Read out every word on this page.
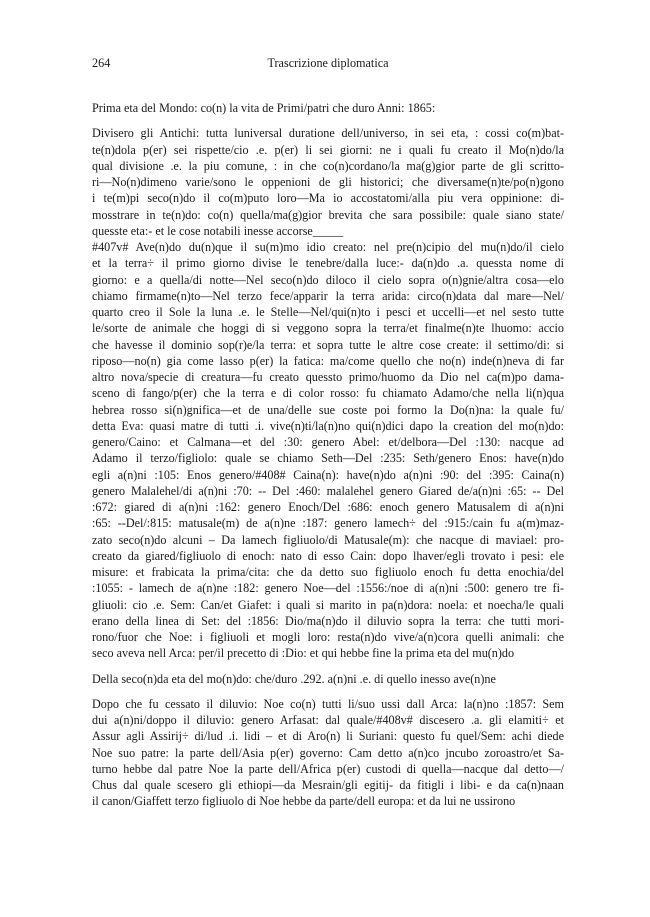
264	Trascrizione diplomatica

Prima eta del Mondo: co(n) la vita de Primi/patri che duro Anni: 1865:

Divisero gli Antichi: tutta luniversal duratione dell/universo, in sei eta, : cossi co(m)bat-
te(n)dola p(er) sei rispette/cio .e. p(er) li sei giorni: ne i quali fu creato il Mo(n)do/la
qual divisione .e. la piu comune, : in che co(n)cordano/la ma(g)gior parte de gli scritto-
ri—No(n)dimeno varie/sono le oppenioni de gli historici; che diversame(n)te/po(n)gono
i te(m)pi seco(n)do il co(m)puto loro—Ma io accostatomi/alla piu vera oppinione: di-
mosstrare in te(n)do: co(n) quella/ma(g)gior brevita che sara possibile: quale siano state/
quesste eta:- et le cose notabili inesse accorse_____

#407v# Ave(n)do du(n)que il su(m)mo idio creato: nel pre(n)cipio del mu(n)do/il cielo
et la terra÷ il primo giorno divise le tenebre/dalla luce:- da(n)do .a. quessta nome di
giorno: e a quella/di notte—Nel seco(n)do diloco il cielo sopra o(n)gnie/altra cosa—elo
chiamo firmame(n)to—Nel terzo fece/apparir la terra arida: circo(n)data dal mare—Nel/
quarto creo il Sole la luna .e. le Stelle—Nel/qui(n)to i pesci et uccelli—et nel sesto tutte
le/sorte de animale che hoggi di si veggono sopra la terra/et finalme(n)te lhuomo: accio
che havesse il dominio sop(r)e/la terra: et sopra tutte le altre cose create: il settimo/di: si
riposo—no(n) gia come lasso p(er) la fatica: ma/come quello che no(n) inde(n)neva di far
altro nova/specie di creatura—fu creato quessto primo/huomo da Dio nel ca(m)po dama-
sceno di fango/p(er) che la terra e di color rosso: fu chiamato Adamo/che nella li(n)qua
hebrea rosso si(n)gnifica—et de una/delle sue coste poi formo la Do(n)na: la quale fu/
detta Eva: quasi matre di tutti .i. vive(n)ti/la(n)no qui(n)dici dapo la creation del mo(n)do:
genero/Caino: et Calmana—et del :30: genero Abel: et/delbora—Del :130: nacque ad
Adamo il terzo/figliolo: quale se chiamo Seth—Del :235: Seth/genero Enos: have(n)do
egli a(n)ni :105: Enos genero/#408# Caina(n): have(n)do a(n)ni :90: del :395: Caina(n)
genero Malalehel/di a(n)ni :70: -- Del :460: malalehel genero Giared de/a(n)ni :65: -- Del
:672: giared di a(n)ni :162: genero Enoch/Del :686: enoch genero Matusalem di a(n)ni
:65: --Del/:815: matusale(m) de a(n)ne :187: genero lamech÷ del :915:/cain fu a(m)maz-
zato seco(n)do alcuni – Da lamech figliuolo/di Matusale(m): che nacque di maviael: pro-
creato da giared/figliuolo di enoch: nato di esso Cain: dopo lhaver/egli trovato i pesi: ele
misure: et frabicata la prima/cita: che da detto suo figliuolo enoch fu detta enochia/del
:1055: - lamech de a(n)ne :182: genero Noe—del :1556:/noe di a(n)ni :500: genero tre fi-
gliuoli: cio .e. Sem: Can/et Giafet: i quali si marito in pa(n)dora: noela: et noecha/le quali
erano della linea di Set: del :1856: Dio/ma(n)do il diluvio sopra la terra: che tutti mori-
rono/fuor che Noe: i figliuoli et mogli loro: resta(n)do vive/a(n)cora quelli animali: che
seco aveva nell Arca: per/il precetto di :Dio: et qui hebbe fine la prima eta del mu(n)do

Della seco(n)da eta del mo(n)do: che/duro .292. a(n)ni .e. di quello inesso ave(n)ne

Dopo che fu cessato il diluvio: Noe co(n) tutti li/suo ussi dall Arca: la(n)no :1857: Sem
dui a(n)ni/doppo il diluvio: genero Arfasat: dal quale/#408v# discesero .a. gli elamiti÷ et
Assur agli Assirij÷ di/lud .i. lidi – et di Aro(n) li Suriani: questo fu quel/Sem: achi diede
Noe suo patre: la parte dell/Asia p(er) governo: Cam detto a(n)co jncubo zoroastro/et Sa-
turno hebbe dal patre Noe la parte dell/Africa p(er) custodi di quella—nacque dal detto—/
Chus dal quale scesero gli ethiopi—da Mesrain/gli egitij- da fitigli i libi- e da ca(n)naan
il canon/Giaffett terzo figliuolo di Noe hebbe da parte/dell europa: et da lui ne ussirono
